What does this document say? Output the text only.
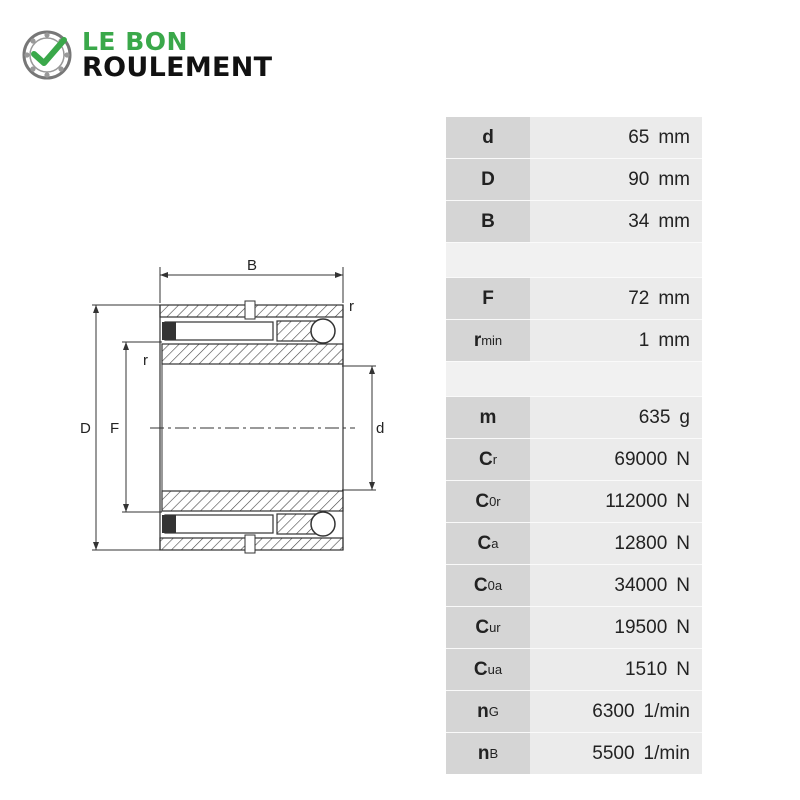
LE BON
ROULEMENT
B
D F	d
r
r
d	65 mm
D	90 mm
B	34 mm
F	72 mm
r min	1 mm
m	635 g
C r	69000 N
C 0r	112000 N
C a	12800 N
C 0a	34000 N
C ur	19500 N
C ua	1510 N
n G	6300 1/min
n B	5500 1/min
